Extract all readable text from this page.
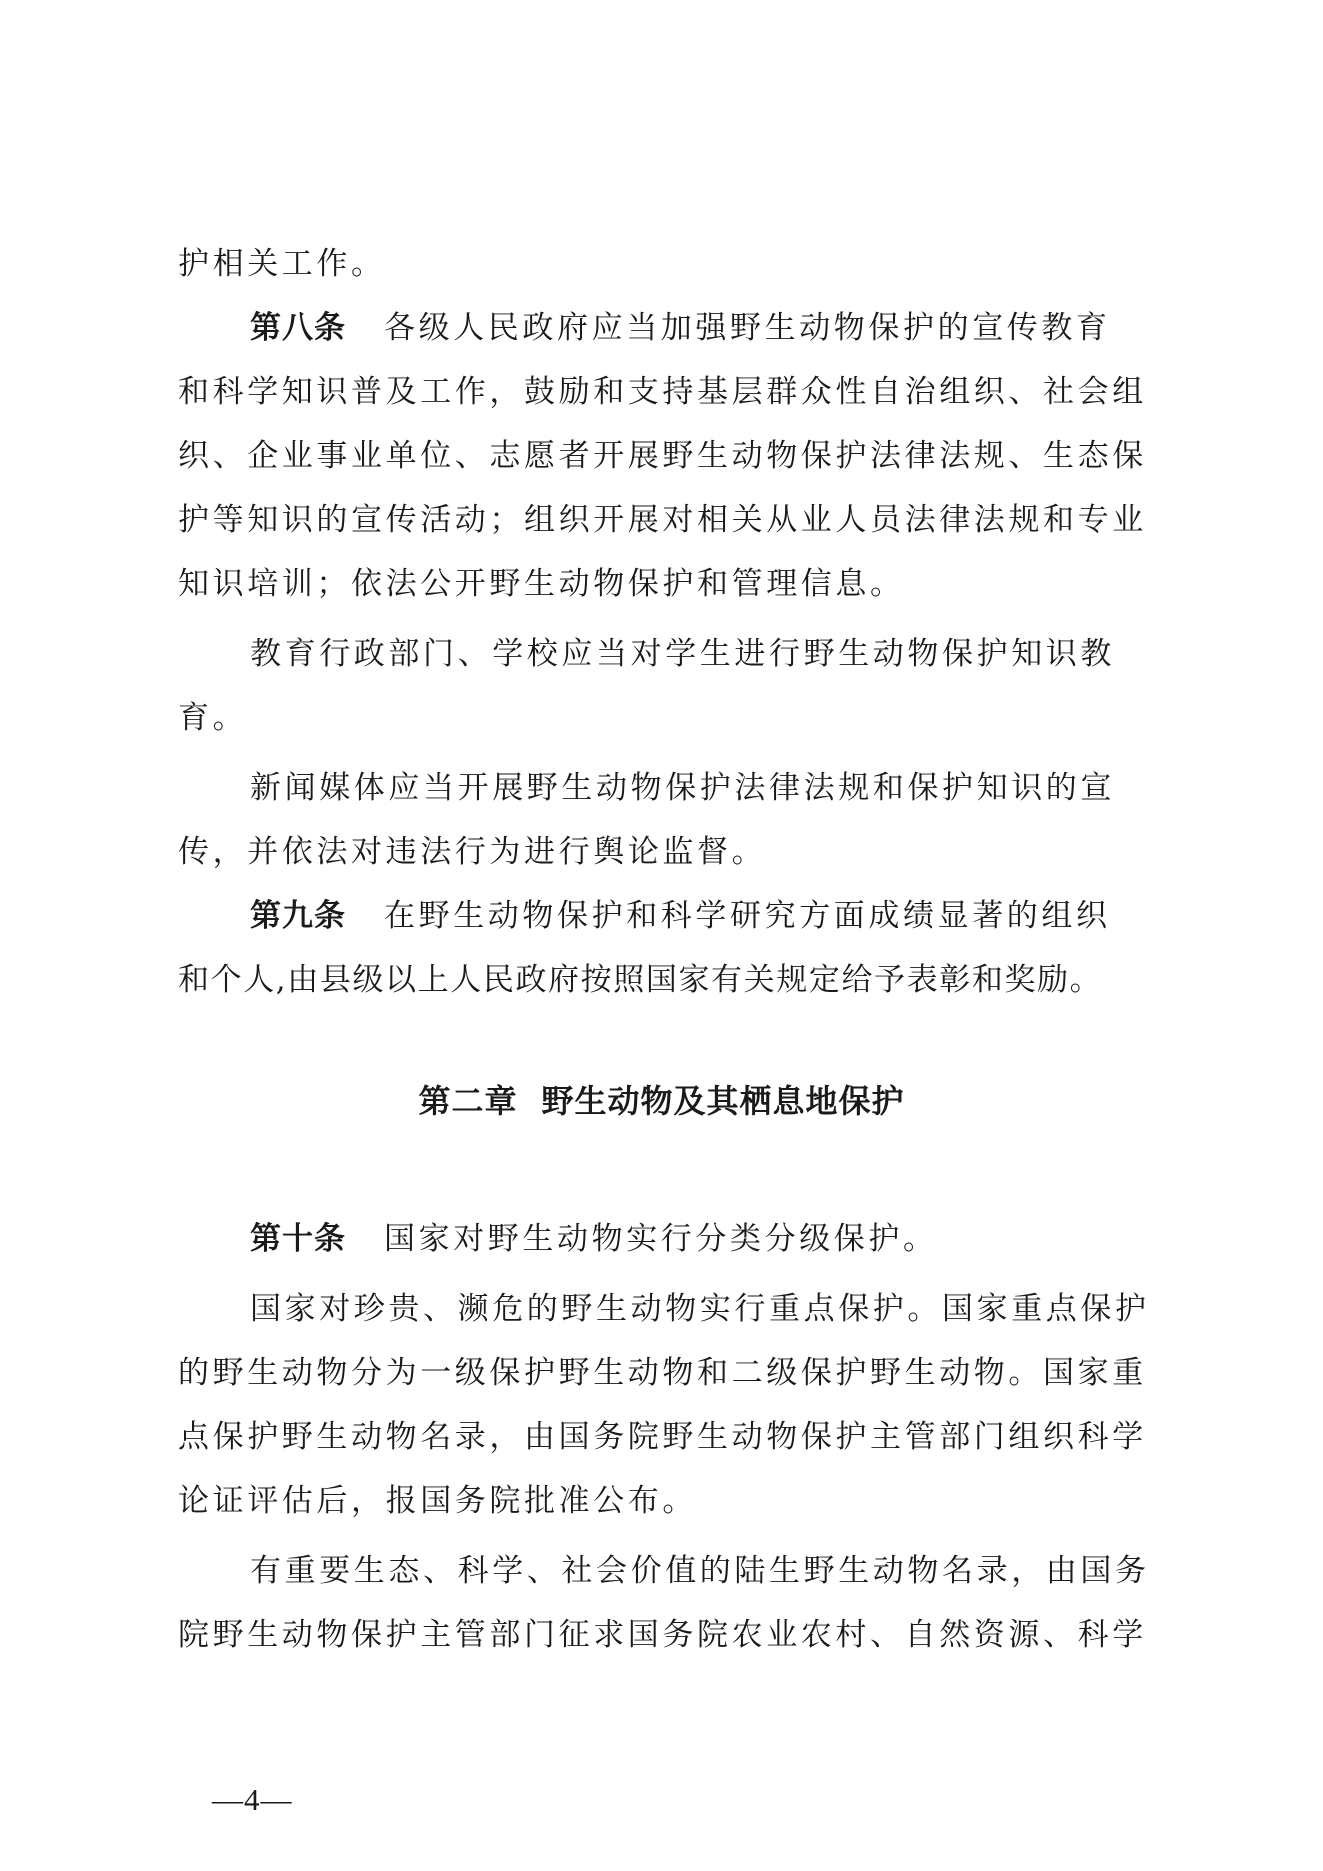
护相关工作。
第八条 各级人民政府应当加强野生动物保护的宣传教育
和科学知识普及工作，鼓励和支持基层群众性自治组织、社会组
织、企业事业单位、志愿者开展野生动物保护法律法规、生态保
护等知识的宣传活动；组织开展对相关从业人员法律法规和专业
知识培训；依法公开野生动物保护和管理信息。
教育行政部门、学校应当对学生进行野生动物保护知识教
育。
新闻媒体应当开展野生动物保护法律法规和保护知识的宣
传，并依法对违法行为进行舆论监督。
第九条 在野生动物保护和科学研究方面成绩显著的组织
和个人,由县级以上人民政府按照国家有关规定给予表彰和奖励。
第二章 野生动物及其栖息地保护
第十条 国家对野生动物实行分类分级保护。
国家对珍贵、濒危的野生动物实行重点保护。国家重点保护
的野生动物分为一级保护野生动物和二级保护野生动物。国家重
点保护野生动物名录，由国务院野生动物保护主管部门组织科学
论证评估后，报国务院批准公布。
有重要生态、科学、社会价值的陆生野生动物名录，由国务
院野生动物保护主管部门征求国务院农业农村、自然资源、科学
—4—
